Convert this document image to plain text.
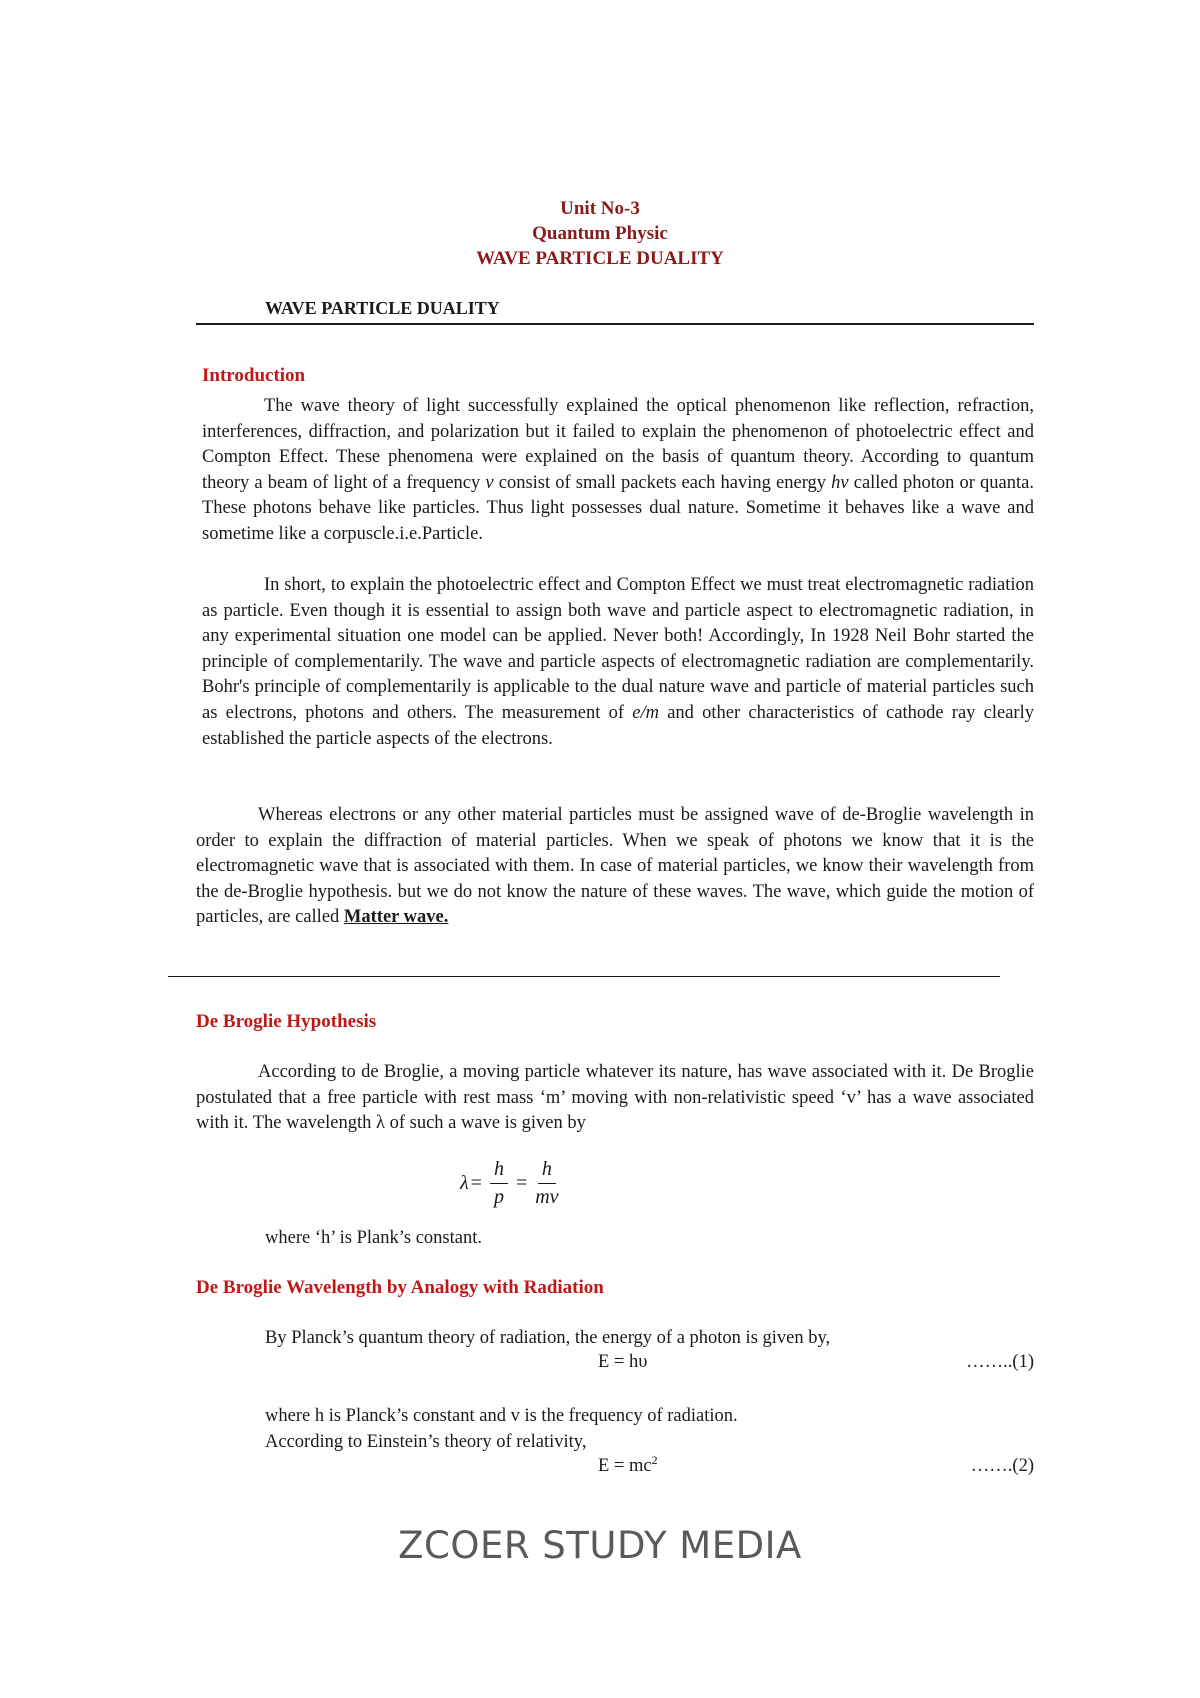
Unit No-3
Quantum Physic
WAVE PARTICLE DUALITY
WAVE PARTICLE DUALITY
Introduction

The wave theory of light successfully explained the optical phenomenon like reflection, refraction, interferences, diffraction, and polarization but it failed to explain the phenomenon of photoelectric effect and Compton Effect. These phenomena were explained on the basis of quantum theory. According to quantum theory a beam of light of a frequency ν consist of small packets each having energy hν called photon or quanta. These photons behave like particles. Thus light possesses dual nature. Sometime it behaves like a wave and sometime like a corpuscle.i.e.Particle.

In short, to explain the photoelectric effect and Compton Effect we must treat electromagnetic radiation as particle. Even though it is essential to assign both wave and particle aspect to electromagnetic radiation, in any experimental situation one model can be applied. Never both! Accordingly, In 1928 Neil Bohr started the principle of complementarily. The wave and particle aspects of electromagnetic radiation are complementarily. Bohr's principle of complementarily is applicable to the dual nature wave and particle of material particles such as electrons, photons and others. The measurement of e/m and other characteristics of cathode ray clearly established the particle aspects of the electrons.

Whereas electrons or any other material particles must be assigned wave of de-Broglie wavelength in order to explain the diffraction of material particles. When we speak of photons we know that it is the electromagnetic wave that is associated with them. In case of material particles, we know their wavelength from the de-Broglie hypothesis. but we do not know the nature of these waves. The wave, which guide the motion of particles, are called Matter wave.

De Broglie Hypothesis

According to de Broglie, a moving particle whatever its nature, has wave associated with it. De Broglie postulated that a free particle with rest mass ‘m’ moving with non-relativistic speed ‘v’ has a wave associated with it. The wavelength λ of such a wave is given by

$\lambda = \frac{h}{p} = \frac{h}{mv}$
where ‘h’ is Plank’s constant.
De Broglie Wavelength by Analogy with Radiation
By Planck’s quantum theory of radiation, the energy of a photon is given by,
E = hυ	……..(1)
where h is Planck’s constant and v is the frequency of radiation.
According to Einstein’s theory of relativity,
$E = mc^2$	…….(2)
ZCOER STUDY MEDIA
